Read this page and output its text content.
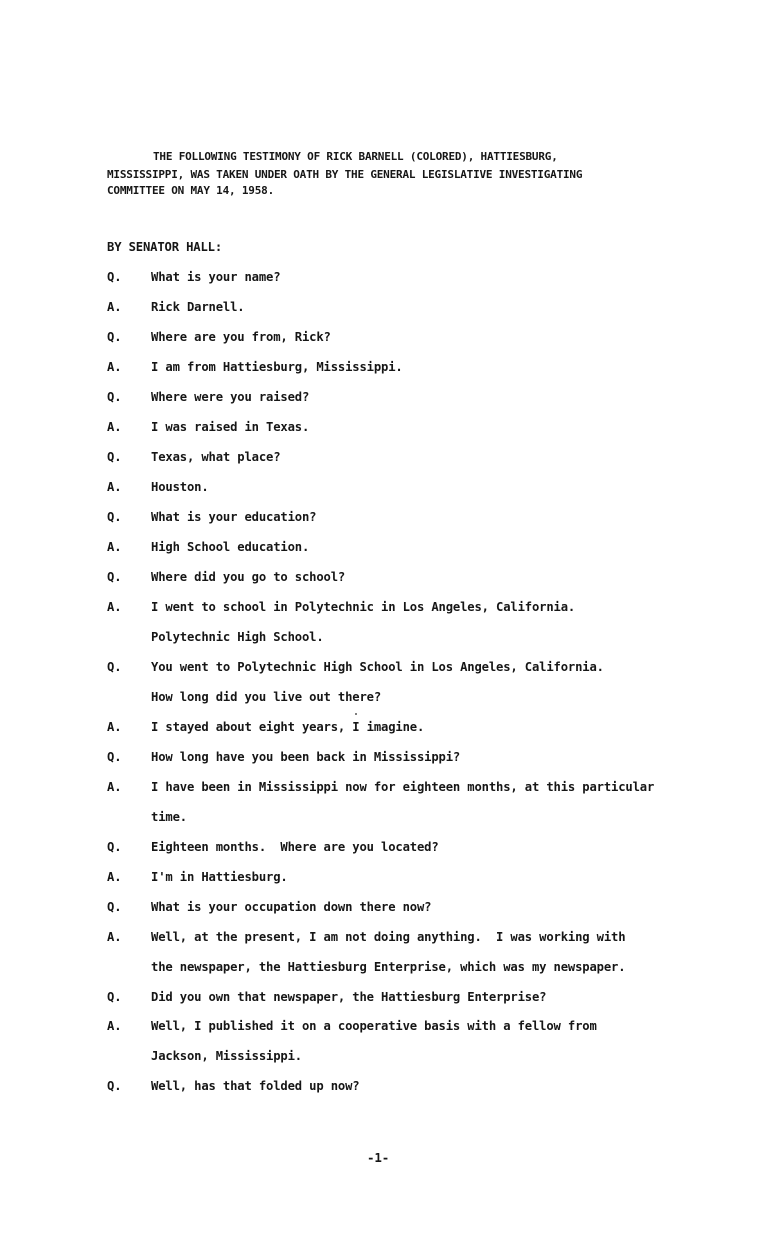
THE FOLLOWING TESTIMONY OF RICK BARNELL (COLORED), HATTIESBURG,
MISSISSIPPI, WAS TAKEN UNDER OATH BY THE GENERAL LEGISLATIVE INVESTIGATING
COMMITTEE ON MAY 14, 1958.
BY SENATOR HALL:
Q.	What is your name?
A.	Rick Darnell.
Q.	Where are you from, Rick?
A.	I am from Hattiesburg, Mississippi.
Q.	Where were you raised?
A.	I was raised in Texas.
Q.	Texas, what place?
A.	Houston.
Q.	What is your education?
A.	High School education.
Q.	Where did you go to school?
A.	I went to school in Polytechnic in Los Angeles, California.
Polytechnic High School.
Q.	You went to Polytechnic High School in Los Angeles, California.
How long did you live out there?
A.	I stayed about eight years, I imagine.
Q.	How long have you been back in Mississippi?
A.	I have been in Mississippi now for eighteen months, at this particular
time.
Q.	Eighteen months.  Where are you located?
A.	I'm in Hattiesburg.
Q.	What is your occupation down there now?
A.	Well, at the present, I am not doing anything.  I was working with
the newspaper, the Hattiesburg Enterprise, which was my newspaper.
Q.	Did you own that newspaper, the Hattiesburg Enterprise?
A.	Well, I published it on a cooperative basis with a fellow from
Jackson, Mississippi.
Q.	Well, has that folded up now?
-1-
